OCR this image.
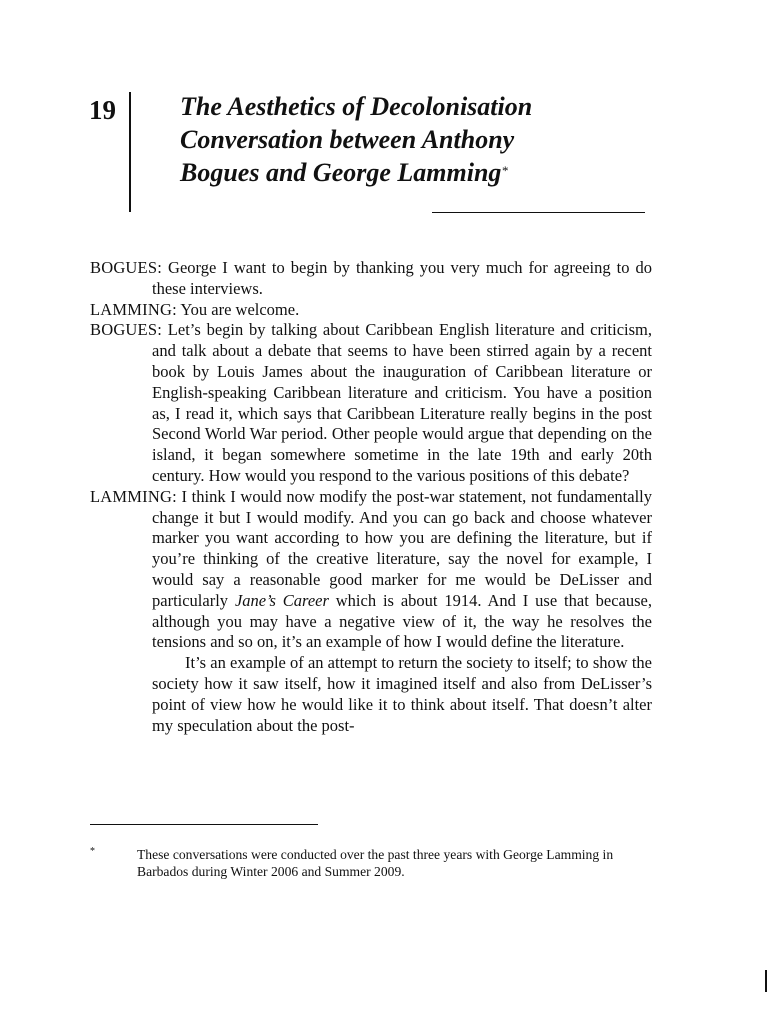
19 The Aesthetics of Decolonisation
Conversation between Anthony
Bogues and George Lamming*

BOGUES: George I want to begin by thanking you very much for agreeing to do these interviews.

LAMMING: You are welcome.

BOGUES: Let’s begin by talking about Caribbean English literature and criticism, and talk about a debate that seems to have been stirred again by a recent book by Louis James about the inauguration of Caribbean literature or English-speaking Caribbean literature and criticism. You have a position as, I read it, which says that Caribbean Literature really begins in the post Second World War period. Other people would argue that depending on the island, it began somewhere sometime in the late 19th and early 20th century. How would you respond to the various positions of this debate?

LAMMING: I think I would now modify the post-war statement, not fundamentally change it but I would modify. And you can go back and choose whatever marker you want according to how you are defining the literature, but if you’re thinking of the creative literature, say the novel for example, I would say a reasonable good marker for me would be DeLisser and particularly Jane’s Career which is about 1914. And I use that because, although you may have a negative view of it, the way he resolves the tensions and so on, it’s an example of how I would define the literature.

It’s an example of an attempt to return the society to itself; to show the society how it saw itself, how it imagined itself and also from DeLisser’s point of view how he would like it to think about itself. That doesn’t alter my speculation about the post-

*	These conversations were conducted over the past three years with George Lamming in Barbados during Winter 2006 and Summer 2009.
